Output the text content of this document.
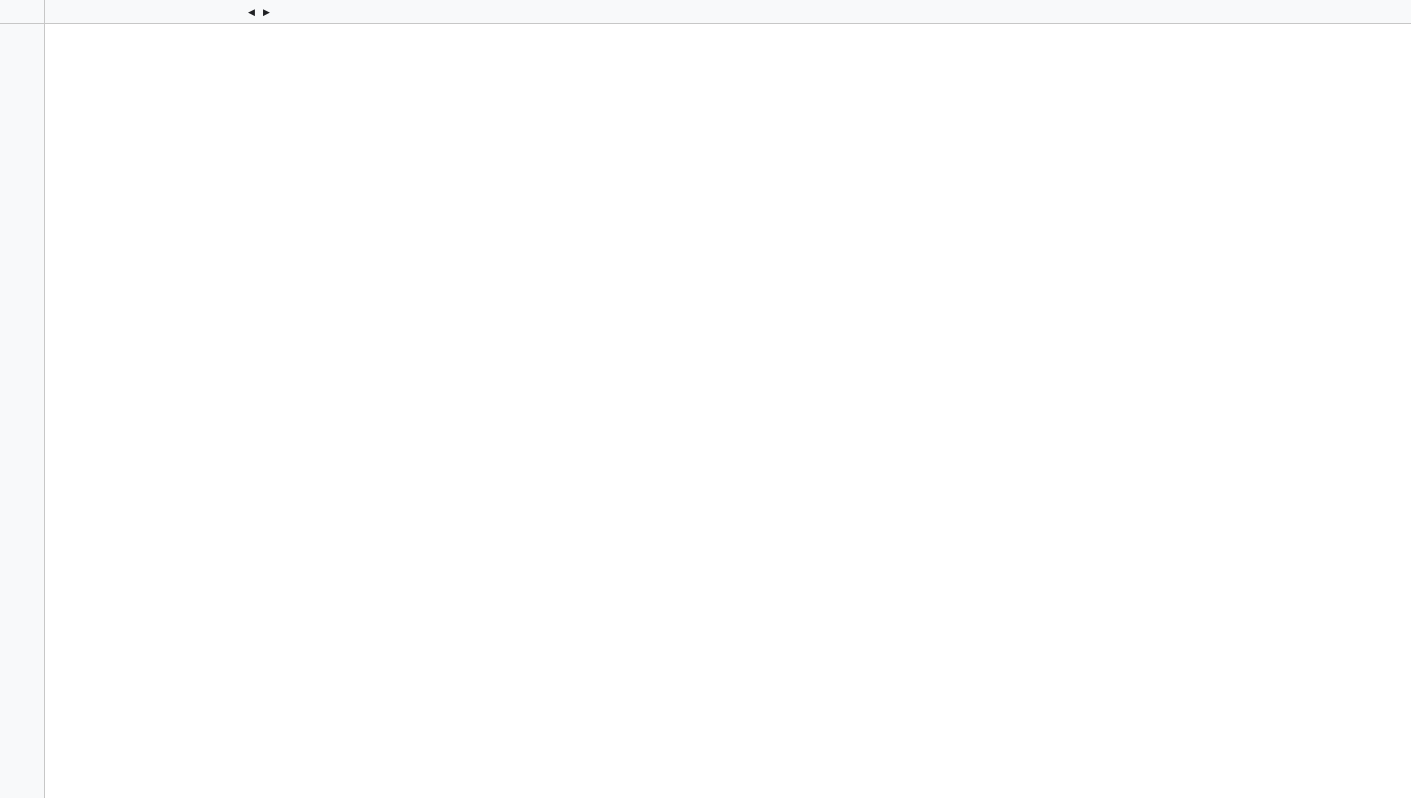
◀ ▶
